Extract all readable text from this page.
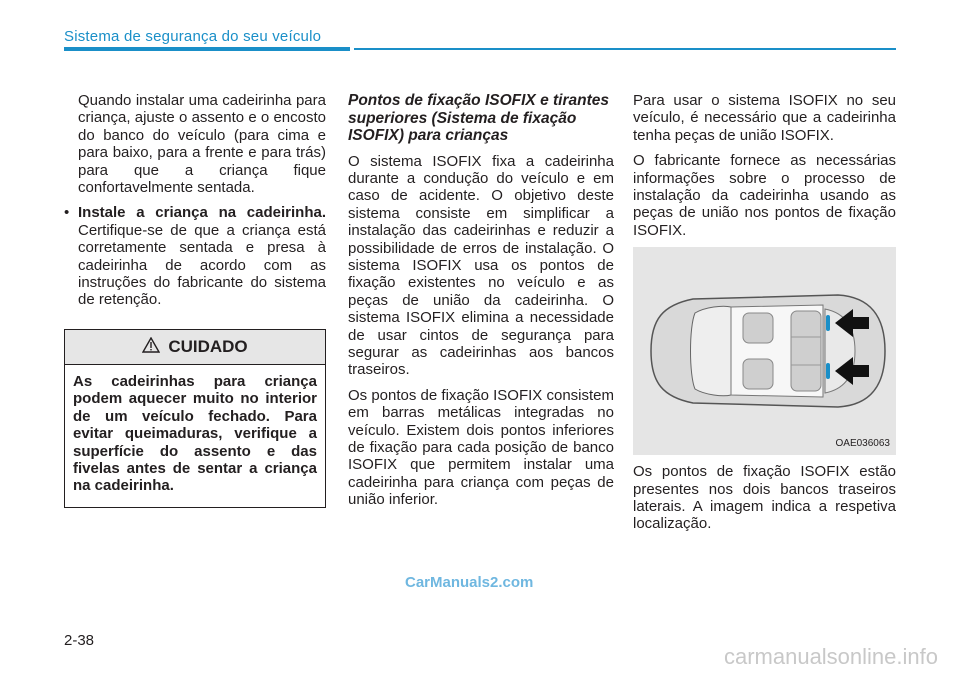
Sistema de segurança do seu veículo

Quando instalar uma cadeirinha para criança, ajuste o assento e o encosto do banco do veículo (para cima e para baixo, para a frente e para trás) para que a criança fique confortavelmente sentada.

• Instale a criança na cadeirinha. Certifique-se de que a criança está corretamente sentada e presa à cadeirinha de acordo com as instruções do fabricante do sistema de retenção.

CUIDADO
As cadeirinhas para criança podem aquecer muito no interior de um veículo fechado. Para evitar queimaduras, verifique a superfície do assento e das fivelas antes de sentar a criança na cadeirinha.

Pontos de fixação ISOFIX e tirantes superiores (Sistema de fixação ISOFIX) para crianças

O sistema ISOFIX fixa a cadeirinha durante a condução do veículo e em caso de acidente. O objetivo deste sistema consiste em simplificar a instalação das cadeirinhas e reduzir a possibilidade de erros de instalação. O sistema ISOFIX usa os pontos de fixação existentes no veículo e as peças de união da cadeirinha. O sistema ISOFIX elimina a necessidade de usar cintos de segurança para segurar as cadeirinhas aos bancos traseiros.

Os pontos de fixação ISOFIX consistem em barras metálicas integradas no veículo. Existem dois pontos inferiores de fixação para cada posição de banco ISOFIX que permitem instalar uma cadeirinha para criança com peças de união inferior.

Para usar o sistema ISOFIX no seu veículo, é necessário que a cadeirinha tenha peças de união ISOFIX.

O fabricante fornece as necessárias informações sobre o processo de instalação da cadeirinha usando as peças de união nos pontos de fixação ISOFIX.

OAE036063

Os pontos de fixação ISOFIX estão presentes nos dois bancos traseiros laterais. A imagem indica a respetiva localização.

CarManuals2.com
2-38
carmanualsonline.info
